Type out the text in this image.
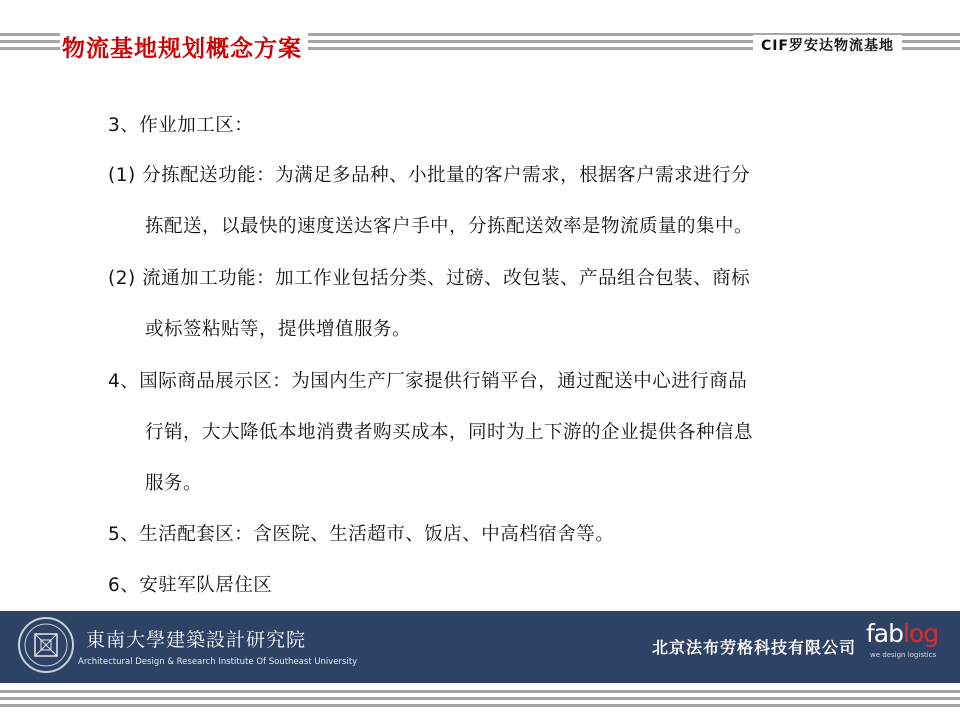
物流基地规划概念方案	CIF罗安达物流基地
3、作业加工区：
(1) 分拣配送功能：为满足多品种、小批量的客户需求，根据客户需求进行分
拣配送，以最快的速度送达客户手中，分拣配送效率是物流质量的集中。
(2) 流通加工功能：加工作业包括分类、过磅、改包装、产品组合包装、商标
或标签粘贴等，提供增值服务。
4、国际商品展示区：为国内生产厂家提供行销平台，通过配送中心进行商品
行销，大大降低本地消费者购买成本，同时为上下游的企业提供各种信息
服务。
5、生活配套区：含医院、生活超市、饭店、中高档宿舍等。
6、安驻军队居住区
東南大學建築設計研究院
Architectural Design & Research Institute Of Southeast University
北京法布劳格科技有限公司 fablog
we design logistics
